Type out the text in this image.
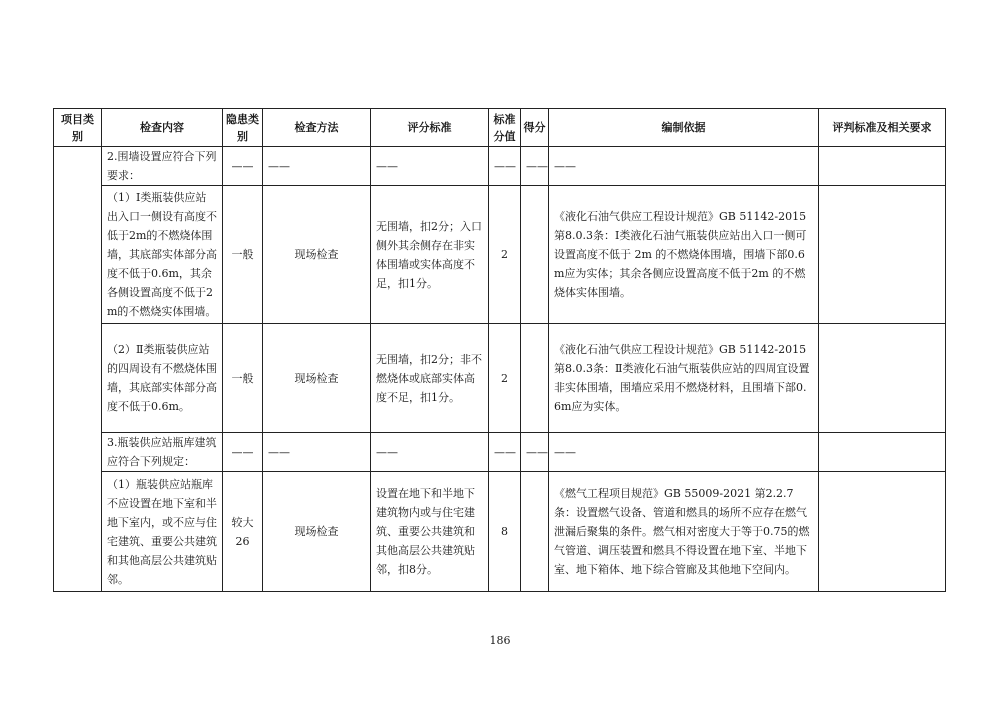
项目类别	检查内容	隐患类别	检查方法	评分标准	标准分值	得分	编制依据	评判标准及相关要求
	2.围墙设置应符合下列要求：	——	——	——	——	——	——	
	（1）Ⅰ类瓶装供应站出入口一侧设有高度不低于2m的不燃烧体围墙，其底部实体部分高度不低于0.6m，其余各侧设置高度不低于2m的不燃烧实体围墙。	一般	现场检查	无围墙，扣2分；入口侧外其余侧存在非实体围墙或实体高度不足，扣1分。	2		《液化石油气供应工程设计规范》GB 51142-2015 第8.0.3条：Ⅰ类液化石油气瓶装供应站出入口一侧可设置高度不低于 2m 的不燃烧体围墙，围墙下部0.6m应为实体；其余各侧应设置高度不低于2m 的不燃烧体实体围墙。	
	（2）Ⅱ类瓶装供应站的四周设有不燃烧体围墙，其底部实体部分高度不低于0.6m。	一般	现场检查	无围墙，扣2分；非不燃烧体或底部实体高度不足，扣1分。	2		《液化石油气供应工程设计规范》GB 51142-2015 第8.0.3条：Ⅱ类液化石油气瓶装供应站的四周宜设置非实体围墙，围墙应采用不燃烧材料，且围墙下部0.6m应为实体。	
	3.瓶装供应站瓶库建筑应符合下列规定：	——	——	——	——	——	——	
	（1）瓶装供应站瓶库不应设置在地下室和半地下室内，或不应与住宅建筑、重要公共建筑和其他高层公共建筑贴邻。	较大 26	现场检查	设置在地下和半地下建筑物内或与住宅建筑、重要公共建筑和其他高层公共建筑贴邻，扣8分。	8		《燃气工程项目规范》GB 55009-2021 第2.2.7条：设置燃气设备、管道和燃具的场所不应存在燃气泄漏后聚集的条件。燃气相对密度大于等于0.75的燃气管道、调压装置和燃具不得设置在地下室、半地下室、地下箱体、地下综合管廊及其他地下空间内。	
186
